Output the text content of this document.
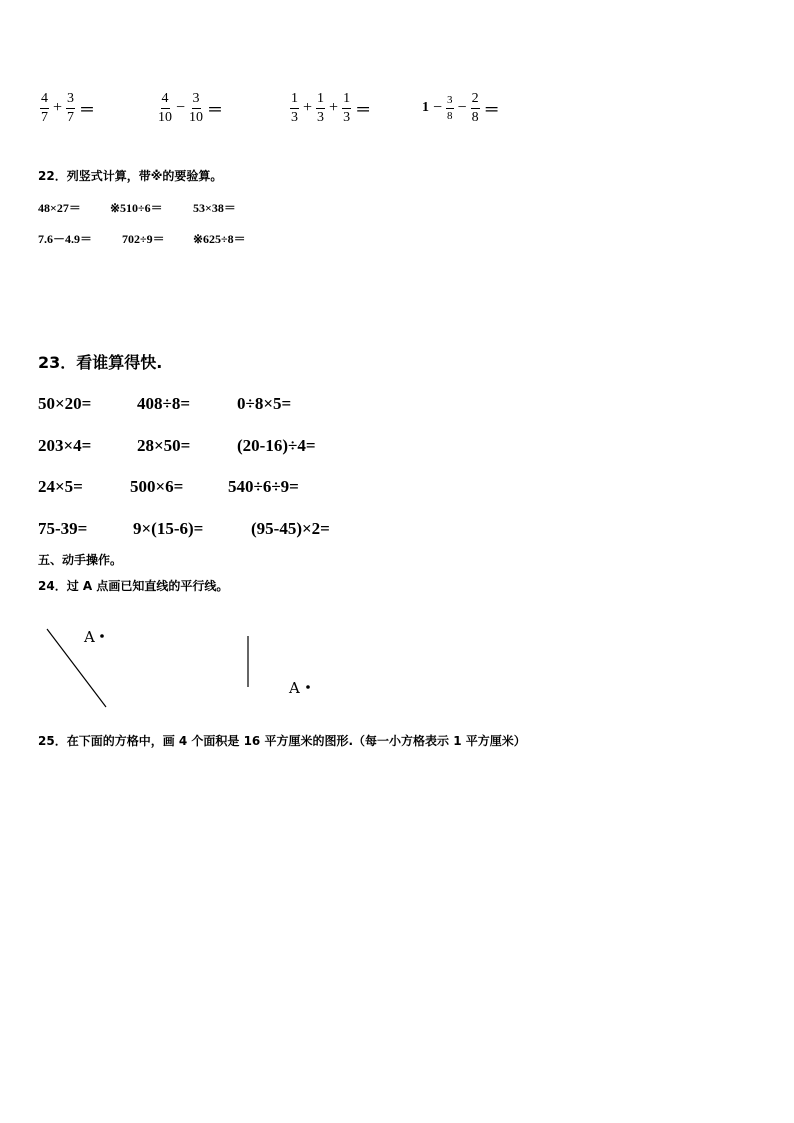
$\frac{4}{7} + \frac{3}{7}$ ＝	$\frac{4}{10} - \frac{3}{10}$ ＝	$\frac{1}{3} + \frac{1}{3} + \frac{1}{3}$ ＝	$1 - \frac{3}{8} - \frac{2}{8}$ ＝
22．列竖式计算，带※的要验算。
48×27＝ ※510÷6＝	53×38＝
7.6－4.9＝ 702÷9＝ ※625÷8＝
23．看谁算得快.
50×20=	408÷8=	0÷8×5=
203×4=	28×50=	(20-16)÷4=
24×5=	500×6=	540÷6÷9=
75-39=	9×(15-6)=	(95-45)×2=
五、动手操作。
24．过 A 点画已知直线的平行线。
A
A
25．在下面的方格中，画 4 个面积是 16 平方厘米的图形.（每一小方格表示 1 平方厘米）
